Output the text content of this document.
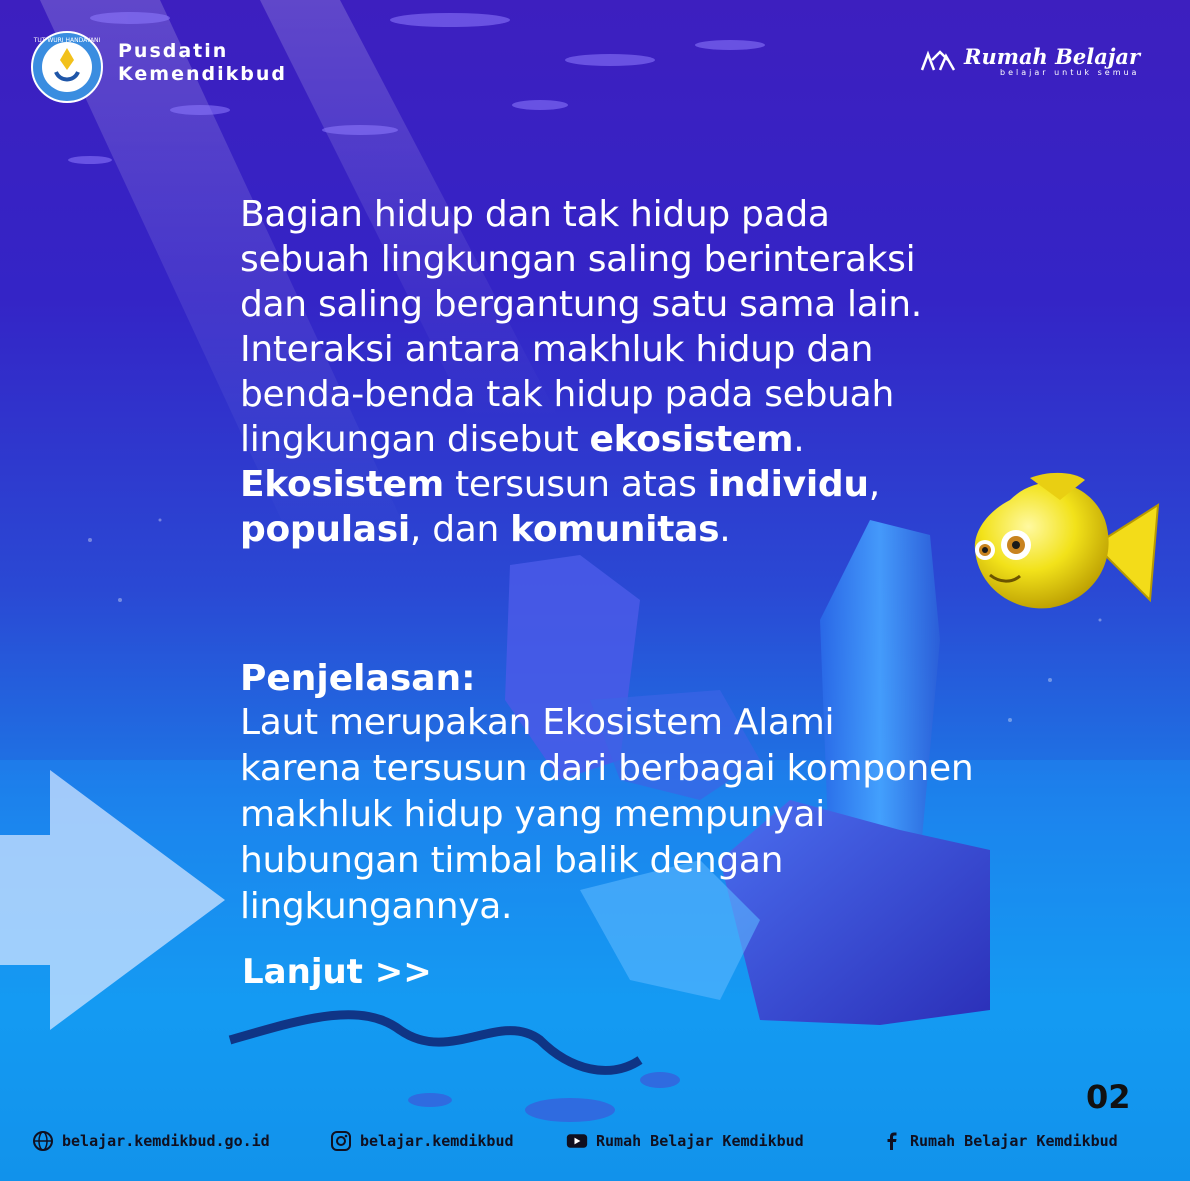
TUT WURI HANDAYANI Pusdatin
Kemendikbud
Rumah Belajar
belajar untuk semua
Bagian hidup dan tak hidup pada
sebuah lingkungan saling berinteraksi
dan saling bergantung satu sama lain.
Interaksi antara makhluk hidup dan
benda-benda tak hidup pada sebuah
lingkungan disebut ekosistem.
Ekosistem tersusun atas individu,
populasi, dan komunitas.
Penjelasan:
Laut merupakan Ekosistem Alami
karena tersusun dari berbagai komponen
makhluk hidup yang mempunyai
hubungan timbal balik dengan
lingkungannya.
Lanjut >>
02
belajar.kemdikbud.go.id	belajar.kemdikbud	Rumah Belajar Kemdikbud	Rumah Belajar Kemdikbud
